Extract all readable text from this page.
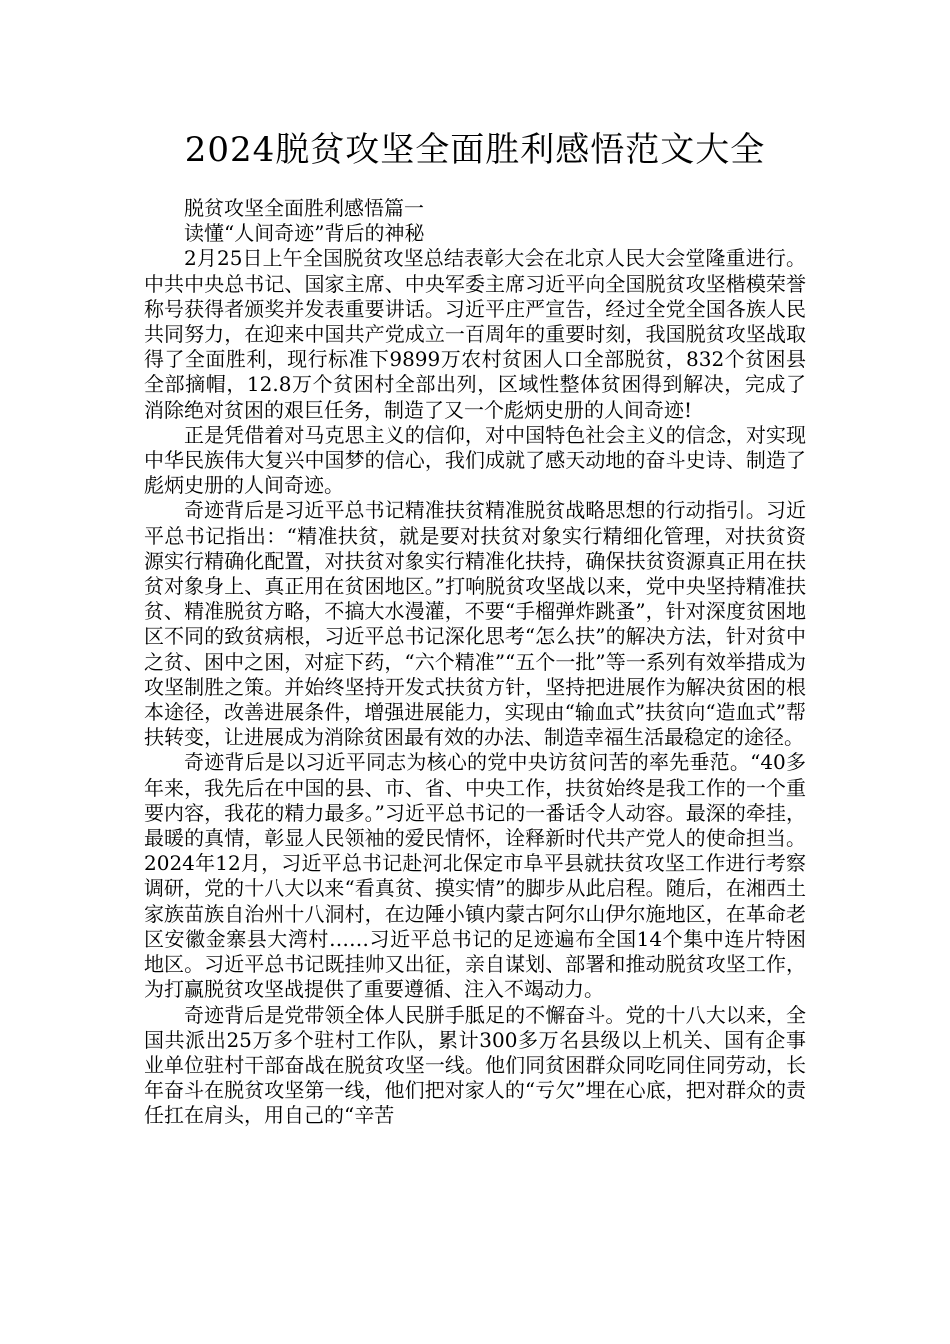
2024脱贫攻坚全面胜利感悟范文大全

脱贫攻坚全面胜利感悟篇一

读懂“人间奇迹”背后的神秘

2月25日上午全国脱贫攻坚总结表彰大会在北京人民大会堂隆重进行。中共中央总书记、国家主席、中央军委主席习近平向全国脱贫攻坚楷模荣誉称号获得者颁奖并发表重要讲话。习近平庄严宣告，经过全党全国各族人民共同努力，在迎来中国共产党成立一百周年的重要时刻，我国脱贫攻坚战取得了全面胜利，现行标准下9899万农村贫困人口全部脱贫，832个贫困县全部摘帽，12.8万个贫困村全部出列，区域性整体贫困得到解决，完成了消除绝对贫困的艰巨任务，制造了又一个彪炳史册的人间奇迹!

正是凭借着对马克思主义的信仰，对中国特色社会主义的信念，对实现中华民族伟大复兴中国梦的信心，我们成就了感天动地的奋斗史诗、制造了彪炳史册的人间奇迹。

奇迹背后是习近平总书记精准扶贫精准脱贫战略思想的行动指引。习近平总书记指出：“精准扶贫，就是要对扶贫对象实行精细化管理，对扶贫资源实行精确化配置，对扶贫对象实行精准化扶持，确保扶贫资源真正用在扶贫对象身上、真正用在贫困地区。”打响脱贫攻坚战以来，党中央坚持精准扶贫、精准脱贫方略，不搞大水漫灌，不要“手榴弹炸跳蚤”，针对深度贫困地区不同的致贫病根，习近平总书记深化思考“怎么扶”的解决方法，针对贫中之贫、困中之困，对症下药，“六个精准”“五个一批”等一系列有效举措成为攻坚制胜之策。并始终坚持开发式扶贫方针，坚持把进展作为解决贫困的根本途径，改善进展条件，增强进展能力，实现由“输血式”扶贫向“造血式”帮扶转变，让进展成为消除贫困最有效的办法、制造幸福生活最稳定的途径。

奇迹背后是以习近平同志为核心的党中央访贫问苦的率先垂范。“40多年来，我先后在中国的县、市、省、中央工作，扶贫始终是我工作的一个重要内容，我花的精力最多。”习近平总书记的一番话令人动容。最深的牵挂，最暖的真情，彰显人民领袖的爱民情怀，诠释新时代共产党人的使命担当。2024年12月，习近平总书记赴河北保定市阜平县就扶贫攻坚工作进行考察调研，党的十八大以来“看真贫、摸实情”的脚步从此启程。随后，在湘西土家族苗族自治州十八洞村，在边陲小镇内蒙古阿尔山伊尔施地区，在革命老区安徽金寨县大湾村……习近平总书记的足迹遍布全国14个集中连片特困地区。习近平总书记既挂帅又出征，亲自谋划、部署和推动脱贫攻坚工作，为打赢脱贫攻坚战提供了重要遵循、注入不竭动力。

奇迹背后是党带领全体人民胼手胝足的不懈奋斗。党的十八大以来，全国共派出25万多个驻村工作队，累计300多万名县级以上机关、国有企事业单位驻村干部奋战在脱贫攻坚一线。他们同贫困群众同吃同住同劳动，长年奋斗在脱贫攻坚第一线，他们把对家人的“亏欠”埋在心底，把对群众的责任扛在肩头，用自己的“辛苦
